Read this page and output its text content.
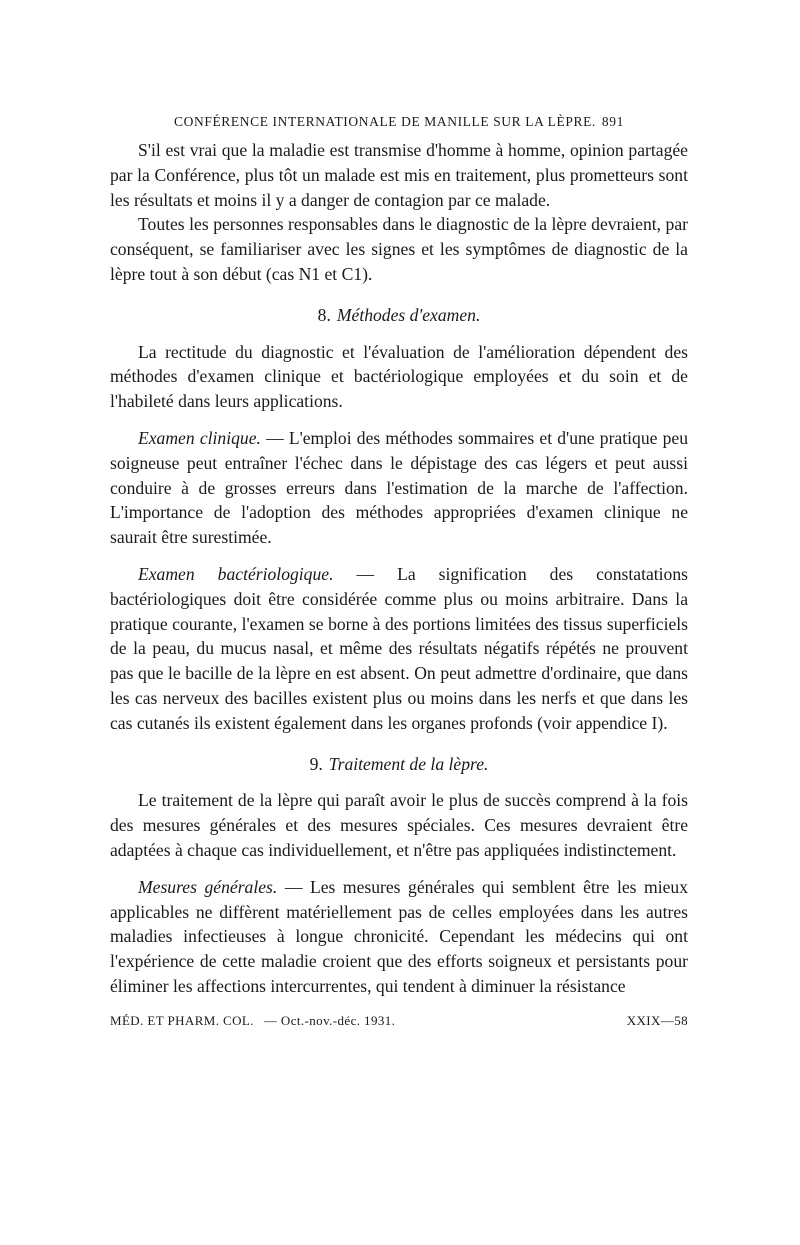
CONFÉRENCE INTERNATIONALE DE MANILLE SUR LA LÈPRE. 891

S'il est vrai que la maladie est transmise d'homme à homme, opinion partagée par la Conférence, plus tôt un malade est mis en traitement, plus prometteurs sont les résultats et moins il y a danger de contagion par ce malade.

Toutes les personnes responsables dans le diagnostic de la lèpre devraient, par conséquent, se familiariser avec les signes et les symptômes de diagnostic de la lèpre tout à son début (cas N1 et C1).

8. Méthodes d'examen.

La rectitude du diagnostic et l'évaluation de l'amélioration dépendent des méthodes d'examen clinique et bactériologique employées et du soin et de l'habileté dans leurs applications.

Examen clinique. — L'emploi des méthodes sommaires et d'une pratique peu soigneuse peut entraîner l'échec dans le dépistage des cas légers et peut aussi conduire à de grosses erreurs dans l'estimation de la marche de l'affection. L'importance de l'adoption des méthodes appropriées d'examen clinique ne saurait être surestimée.

Examen bactériologique. — La signification des constatations bactériologiques doit être considérée comme plus ou moins arbitraire. Dans la pratique courante, l'examen se borne à des portions limitées des tissus superficiels de la peau, du mucus nasal, et même des résultats négatifs répétés ne prouvent pas que le bacille de la lèpre en est absent. On peut admettre d'ordinaire, que dans les cas nerveux des bacilles existent plus ou moins dans les nerfs et que dans les cas cutanés ils existent également dans les organes profonds (voir appendice I).

9. Traitement de la lèpre.

Le traitement de la lèpre qui paraît avoir le plus de succès comprend à la fois des mesures générales et des mesures spéciales. Ces mesures devraient être adaptées à chaque cas individuellement, et n'être pas appliquées indistinctement.

Mesures générales. — Les mesures générales qui semblent être les mieux applicables ne diffèrent matériellement pas de celles employées dans les autres maladies infectieuses à longue chronicité. Cependant les médecins qui ont l'expérience de cette maladie croient que des efforts soigneux et persistants pour éliminer les affections intercurrentes, qui tendent à diminuer la résistance

MÉD. ET PHARM. COL. — Oct.-nov.-déc. 1931.	XXIX—58
